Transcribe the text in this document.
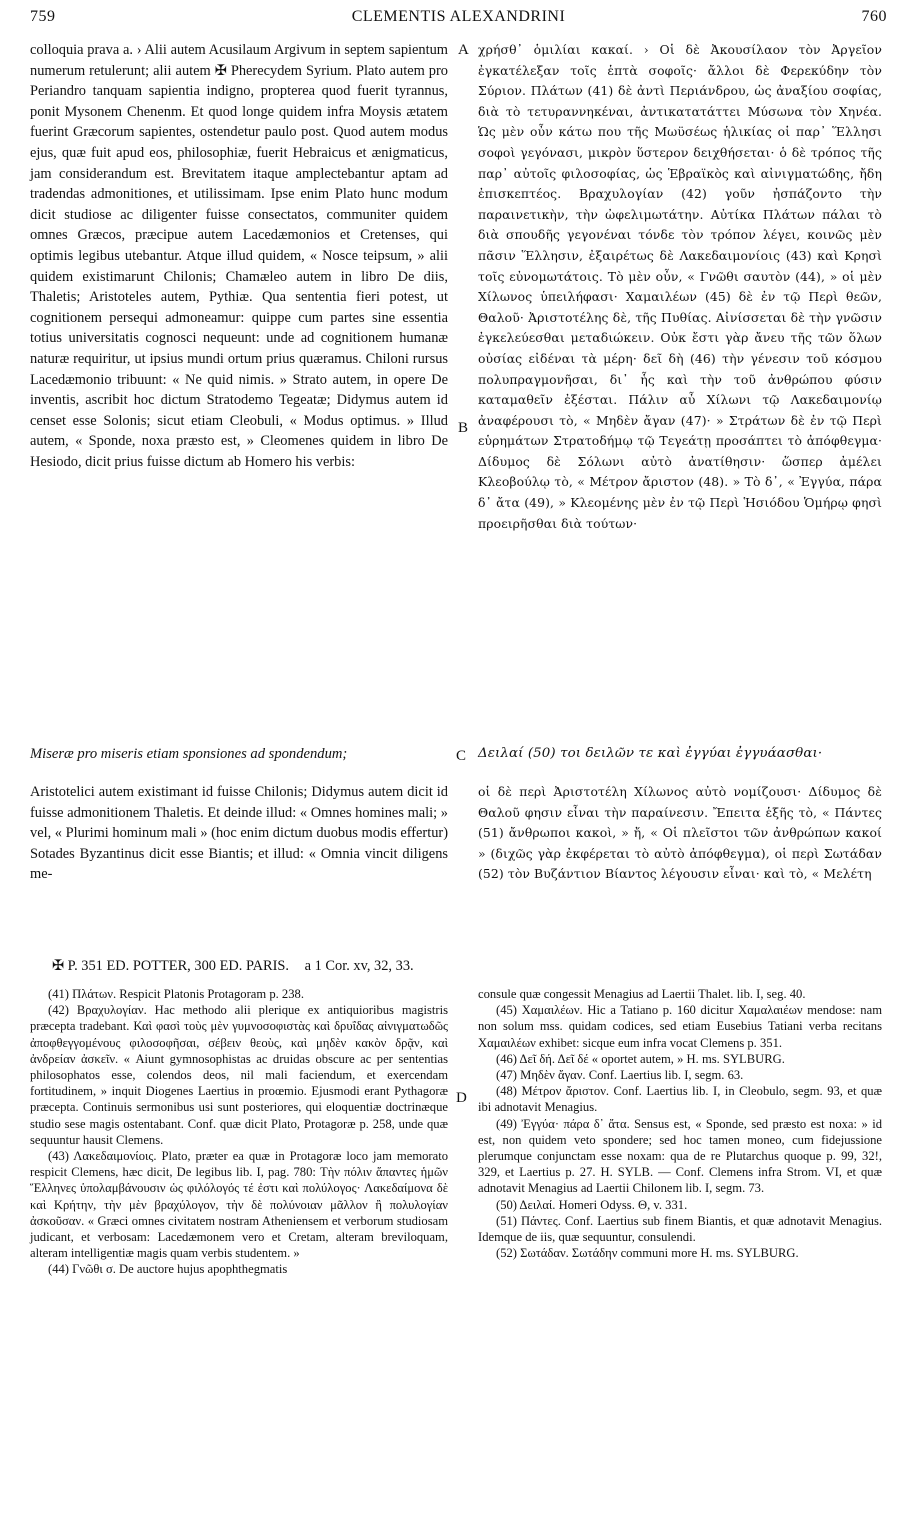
759	CLEMENTIS ALEXANDRINI	760

colloquia prava a. › Alii autem Acusilaum Argivum in septem sapientum numerum retulerunt; alii autem ✠ Pherecydem Syrium. Plato autem pro Periandro tanquam sapientia indigno, propterea quod fuerit tyrannus, ponit Mysonem Chenenm. Et quod longe quidem infra Moysis ætatem fuerint Græcorum sapientes, ostendetur paulo post. Quod autem modus ejus, quæ fuit apud eos, philosophiæ, fuerit Hebraicus et ænigmaticus, jam considerandum est. Brevitatem itaque amplectebantur aptam ad tradendas admonitiones, et utilissimam. Ipse enim Plato hunc modum dicit studiose ac diligenter fuisse consectatos, communiter quidem omnes Græcos, præcipue autem Lacedæmonios et Cretenses, qui optimis legibus utebantur. Atque illud quidem, « Nosce teipsum, » alii quidem existimarunt Chilonis; Chamæleo autem in libro De diis, Thaletis; Aristoteles autem, Pythiæ. Qua sententia fieri potest, ut cognitionem persequi admoneamur: quippe cum partes sine essentia totius universitatis cognosci nequeunt: unde ad cognitionem humanæ naturæ requiritur, ut ipsius mundi ortum prius quæramus. Chiloni rursus Lacedæmonio tribuunt: « Ne quid nimis. » Strato autem, in opere De inventis, ascribit hoc dictum Stratodemo Tegeatæ; Didymus autem id censet esse Solonis; sicut etiam Cleobuli, « Modus optimus. » Illud autem, « Sponde, noxa præsto est, » Cleomenes quidem in libro De Hesiodo, dicit prius fuisse dictum ab Homero his verbis:

χρήσθ᾽ ὁμιλίαι κακαί. › Οἱ δὲ Ἀκουσίλαον τὸν Ἀργεῖον ἐγκατέλεξαν τοῖς ἑπτὰ σοφοῖς· ἄλλοι δὲ Φερεκύδην τὸν Σύριον. Πλάτων (41) δὲ ἀντὶ Περιάνδρου, ὡς ἀναξίου σοφίας, διὰ τὸ τετυραννηκέναι, ἀντικατατάττει Μύσωνα τὸν Χηνέα. Ὡς μὲν οὖν κάτω που τῆς Μωϋσέως ἡλικίας οἱ παρ᾽ Ἕλλησι σοφοὶ γεγόνασι, μικρὸν ὕστερον δειχθήσεται· ὁ δὲ τρόπος τῆς παρ᾽ αὐτοῖς φιλοσοφίας, ὡς Ἑβραϊκὸς καὶ αἰνιγματώδης, ἤδη ἐπισκεπτέος. Βραχυλογίαν (42) γοῦν ἠσπάζοντο τὴν παραινετικὴν, τὴν ὠφελιμωτάτην. Αὐτίκα Πλάτων πάλαι τὸ διὰ σπουδῆς γεγονέναι τόνδε τὸν τρόπον λέγει, κοινῶς μὲν πᾶσιν Ἕλλησιν, ἐξαιρέτως δὲ Λακεδαιμονίοις (43) καὶ Κρησὶ τοῖς εὐνομωτάτοις. Τὸ μὲν οὖν, « Γνῶθι σαυτὸν (44), » οἱ μὲν Χίλωνος ὑπειλήφασι· Χαμαιλέων (45) δὲ ἐν τῷ Περὶ θεῶν, Θαλοῦ· Ἀριστοτέλης δὲ, τῆς Πυθίας. Αἰνίσσεται δὲ τὴν γνῶσιν ἐγκελεύεσθαι μεταδιώκειν. Οὐκ ἔστι γὰρ ἄνευ τῆς τῶν ὅλων οὐσίας εἰδέναι τὰ μέρη· δεῖ δὴ (46) τὴν γένεσιν τοῦ κόσμου πολυπραγμονῆσαι, δι᾽ ἧς καὶ τὴν τοῦ ἀνθρώπου φύσιν καταμαθεῖν ἐξέσται. Πάλιν αὖ Χίλωνι τῷ Λακεδαιμονίῳ ἀναφέρουσι τὸ, « Μηδὲν ἄγαν (47)· » Στράτων δὲ ἐν τῷ Περὶ εὑρημάτων Στρατοδήμῳ τῷ Τεγεάτῃ προσάπτει τὸ ἀπόφθεγμα· Δίδυμος δὲ Σόλωνι αὐτὸ ἀνατίθησιν· ὥσπερ ἀμέλει Κλεοβούλῳ τὸ, « Μέτρον ἄριστον (48). » Τὸ δ᾽, « Ἐγγύα, πάρα δ᾽ ἄτα (49), » Κλεομένης μὲν ἐν τῷ Περὶ Ἡσιόδου Ὁμήρῳ φησὶ προειρῆσθαι διὰ τούτων·

A
B
C
D
Miseræ pro miseris etiam sponsiones ad spondendum;	Δειλαί (50) τοι δειλῶν τε καὶ ἐγγύαι ἐγγυάασθαι·

Aristotelici autem existimant id fuisse Chilonis; Didymus autem dicit id fuisse admonitionem Thaletis. Et deinde illud: « Omnes homines mali; » vel, « Plurimi hominum mali » (hoc enim dictum duobus modis effertur) Sotades Byzantinus dicit esse Biantis; et illud: « Omnia vincit diligens me-

οἱ δὲ περὶ Ἀριστοτέλη Χίλωνος αὐτὸ νομίζουσι· Δίδυμος δὲ Θαλοῦ φησιν εἶναι τὴν παραίνεσιν. Ἔπειτα ἑξῆς τὸ, « Πάντες (51) ἄνθρωποι κακοὶ, » ἤ, « Οἱ πλεῖστοι τῶν ἀνθρώπων κακοί » (διχῶς γὰρ ἐκφέρεται τὸ αὐτὸ ἀπόφθεγμα), οἱ περὶ Σωτάδαν (52) τὸν Βυζάντιον Βίαντος λέγουσιν εἶναι· καὶ τὸ, « Μελέτη

✠ P. 351 ED. POTTER, 300 ED. PARIS. a 1 Cor. xv, 32, 33.

(41) Πλάτων. Respicit Platonis Protagoram p. 238.

(42) Βραχυλογίαν. Hac methodo alii plerique ex antiquioribus magistris præcepta tradebant. Καὶ φασὶ τοὺς μὲν γυμνοσοφιστὰς καὶ δρυΐδας αἰνιγματωδῶς ἀποφθεγγομένους φιλοσοφῆσαι, σέβειν θεοὺς, καὶ μηδὲν κακὸν δρᾷν, καὶ ἀνδρείαν ἀσκεῖν. « Aiunt gymnosophistas ac druidas obscure ac per sententias philosophatos esse, colendos deos, nil mali faciendum, et exercendam fortitudinem, » inquit Diogenes Laertius in proœmio. Ejusmodi erant Pythagoræ præcepta. Continuis sermonibus usi sunt posteriores, qui eloquentiæ doctrinæque studio sese magis ostentabant. Conf. quæ dicit Plato, Protagoræ p. 258, unde quæ sequuntur hausit Clemens.

(43) Λακεδαιμονίοις. Plato, præter ea quæ in Protagoræ loco jam memorato respicit Clemens, hæc dicit, De legibus lib. I, pag. 780: Τὴν πόλιν ἅπαντες ἡμῶν Ἕλληνες ὑπολαμβάνουσιν ὡς φιλόλογός τέ ἐστι καὶ πολύλογος· Λακεδαίμονα δὲ καὶ Κρήτην, τὴν μὲν βραχύλογον, τὴν δὲ πολύνοιαν μᾶλλον ἢ πολυλογίαν ἀσκοῦσαν. « Græci omnes civitatem nostram Atheniensem et verborum studiosam judicant, et verbosam: Lacedæmonem vero et Cretam, alteram breviloquam, alteram intelligentiæ magis quam verbis studentem. »

(44) Γνῶθι σ. De auctore hujus apophthegmatis

consule quæ congessit Menagius ad Laertii Thalet. lib. I, seg. 40.

(45) Χαμαιλέων. Hic a Tatiano p. 160 dicitur Χαμαλαιέων mendose: nam non solum mss. quidam codices, sed etiam Eusebius Tatiani verba recitans Χαμαιλέων exhibet: sicque eum infra vocat Clemens p. 351.

(46) Δεῖ δή. Δεῖ δέ « oportet autem, » H. ms. SYLBURG.

(47) Μηδὲν ἄγαν. Conf. Laertius lib. I, segm. 63.

(48) Μέτρον ἄριστον. Conf. Laertius lib. I, in Cleobulo, segm. 93, et quæ ibi adnotavit Menagius.

(49) Ἐγγύα· πάρα δ᾽ ἄτα. Sensus est, « Sponde, sed præsto est noxa: » id est, non quidem veto spondere; sed hoc tamen moneo, cum fidejussione plerumque conjunctam esse noxam: qua de re Plutarchus quoque p. 99, 32!, 329, et Laertius p. 27. H. SYLB. — Conf. Clemens infra Strom. VI, et quæ adnotavit Menagius ad Laertii Chilonem lib. I, segm. 73.

(50) Δειλαί. Homeri Odyss. Θ, v. 331.

(51) Πάντες. Conf. Laertius sub finem Biantis, et quæ adnotavit Menagius. Idemque de iis, quæ sequuntur, consulendi.

(52) Σωτάδαν. Σωτάδην communi more H. ms. SYLBURG.
